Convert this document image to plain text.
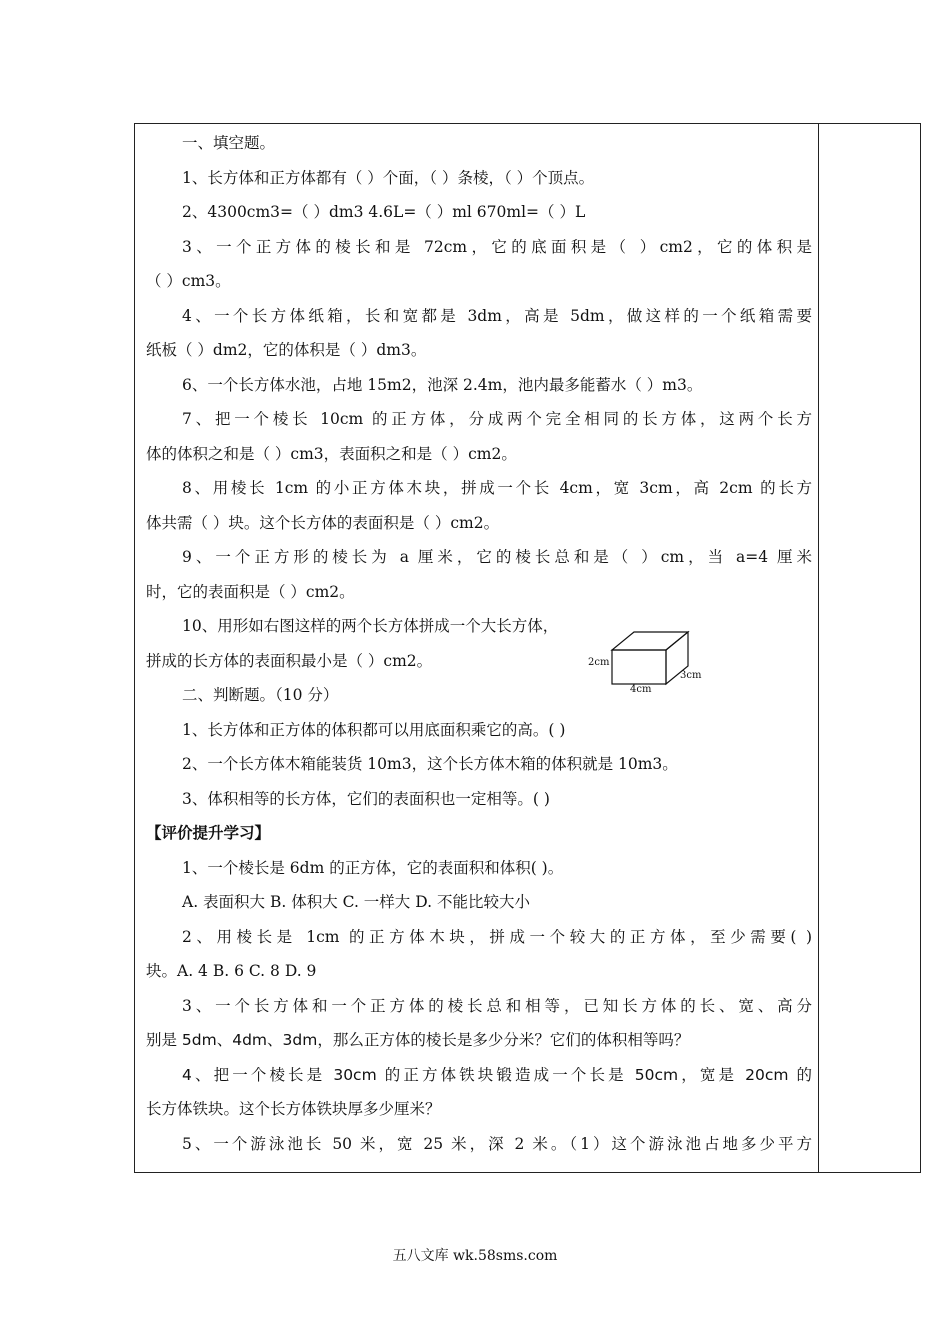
一、填空题。
1、长方体和正方体都有（ ）个面，（ ）条棱，（ ）个顶点。
2、4300cm3=（ ）dm3 4.6L=（ ）ml 670ml=（ ）L
3、一个正方体的棱长和是 72cm，它的底面积是（ ）cm2，它的体积是
（ ）cm3。
4、一个长方体纸箱，长和宽都是 3dm，高是 5dm，做这样的一个纸箱需要
纸板（ ）dm2，它的体积是（ ）dm3。
6、一个长方体水池，占地 15m2，池深 2.4m，池内最多能蓄水（ ）m3。
7、把一个棱长 10cm 的正方体，分成两个完全相同的长方体，这两个长方
体的体积之和是（ ）cm3，表面积之和是（ ）cm2。
8、用棱长 1cm 的小正方体木块，拼成一个长 4cm，宽 3cm，高 2cm 的长方
体共需（ ）块。这个长方体的表面积是（ ）cm2。
9、一个正方形的棱长为 a 厘米，它的棱长总和是（ ）cm，当 a=4 厘米
时，它的表面积是（ ）cm2。
10、用形如右图这样的两个长方体拼成一个大长方体，
拼成的长方体的表面积最小是（ ）cm2。
二、判断题。（10 分）
1、长方体和正方体的体积都可以用底面积乘它的高。( )
2、一个长方体木箱能装货 10m3，这个长方体木箱的体积就是 10m3。
3、体积相等的长方体，它们的表面积也一定相等。( )
【评价提升学习】
1、一个棱长是 6dm 的正方体，它的表面积和体积( )。
A. 表面积大 B. 体积大 C. 一样大 D. 不能比较大小
2、用棱长是 1cm 的正方体木块，拼成一个较大的正方体，至少需要( )
块。A. 4 B. 6 C. 8 D. 9
3、一个长方体和一个正方体的棱长总和相等，已知长方体的长、宽、高分
别是 5dm、4dm、3dm，那么正方体的棱长是多少分米？它们的体积相等吗？
4、把一个棱长是 30cm 的正方体铁块锻造成一个长是 50cm，宽是 20cm 的
长方体铁块。这个长方体铁块厚多少厘米？
5、一个游泳池长 50 米，宽 25 米，深 2 米。（1）这个游泳池占地多少平方
2cm
4cm
3cm
五八文库 wk.58sms.com
